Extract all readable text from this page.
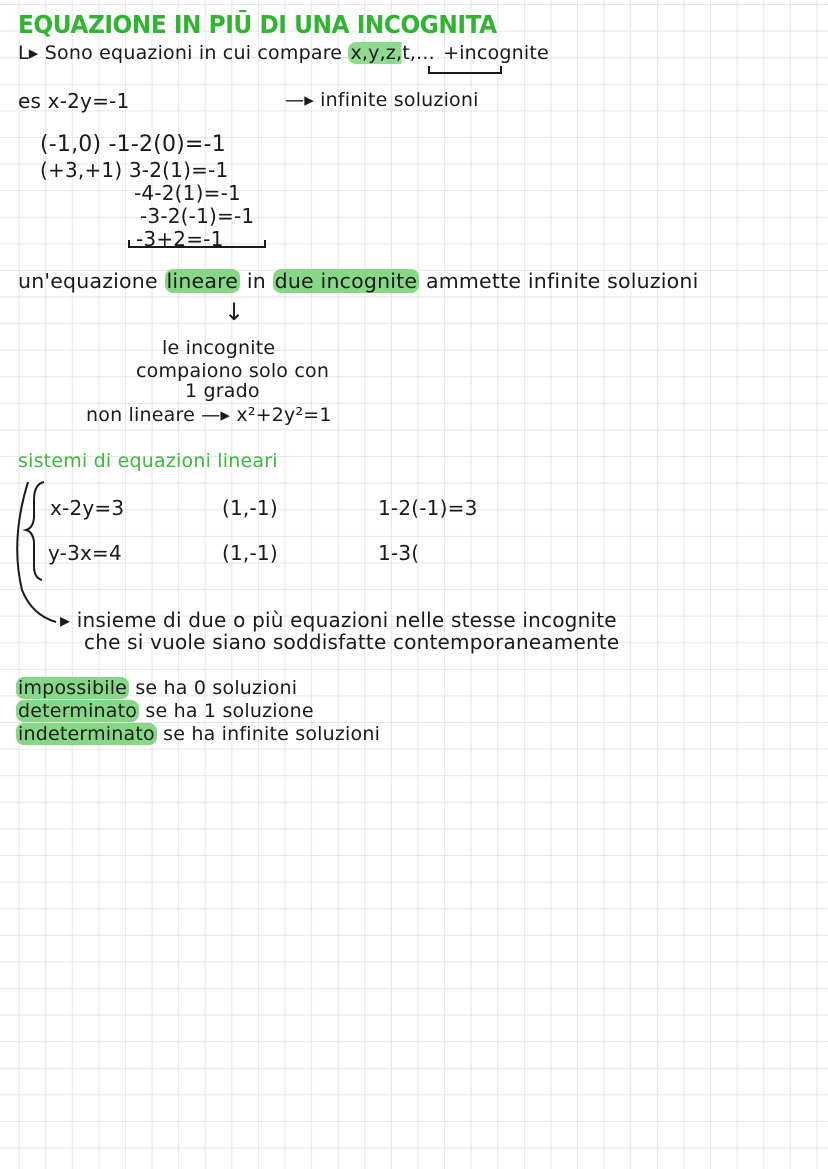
EQUAZIONE IN PIŪ DI UNA INCOGNITA
L▸ Sono equazioni in cui compare x,y,z,t,... +incognite
es x-2y=-1	—▸ infinite soluzioni
(-1,0) -1-2(0)=-1
(+3,+1) 3-2(1)=-1
-4-2(1)=-1
-3-2(-1)=-1
-3+2=-1
un'equazione lineare in due incognite ammette infinite soluzioni
↓
le incognite
compaiono solo con
1 grado
non lineare —▸ x²+2y²=1
sistemi di equazioni lineari
x-2y=3	(1,-1)	1-2(-1)=3
y-3x=4	(1,-1)	1-3(
▸ insieme di due o più equazioni nelle stesse incognite
che si vuole siano soddisfatte contemporaneamente
impossibile se ha 0 soluzioni
determinato se ha 1 soluzione
indeterminato se ha infinite soluzioni
